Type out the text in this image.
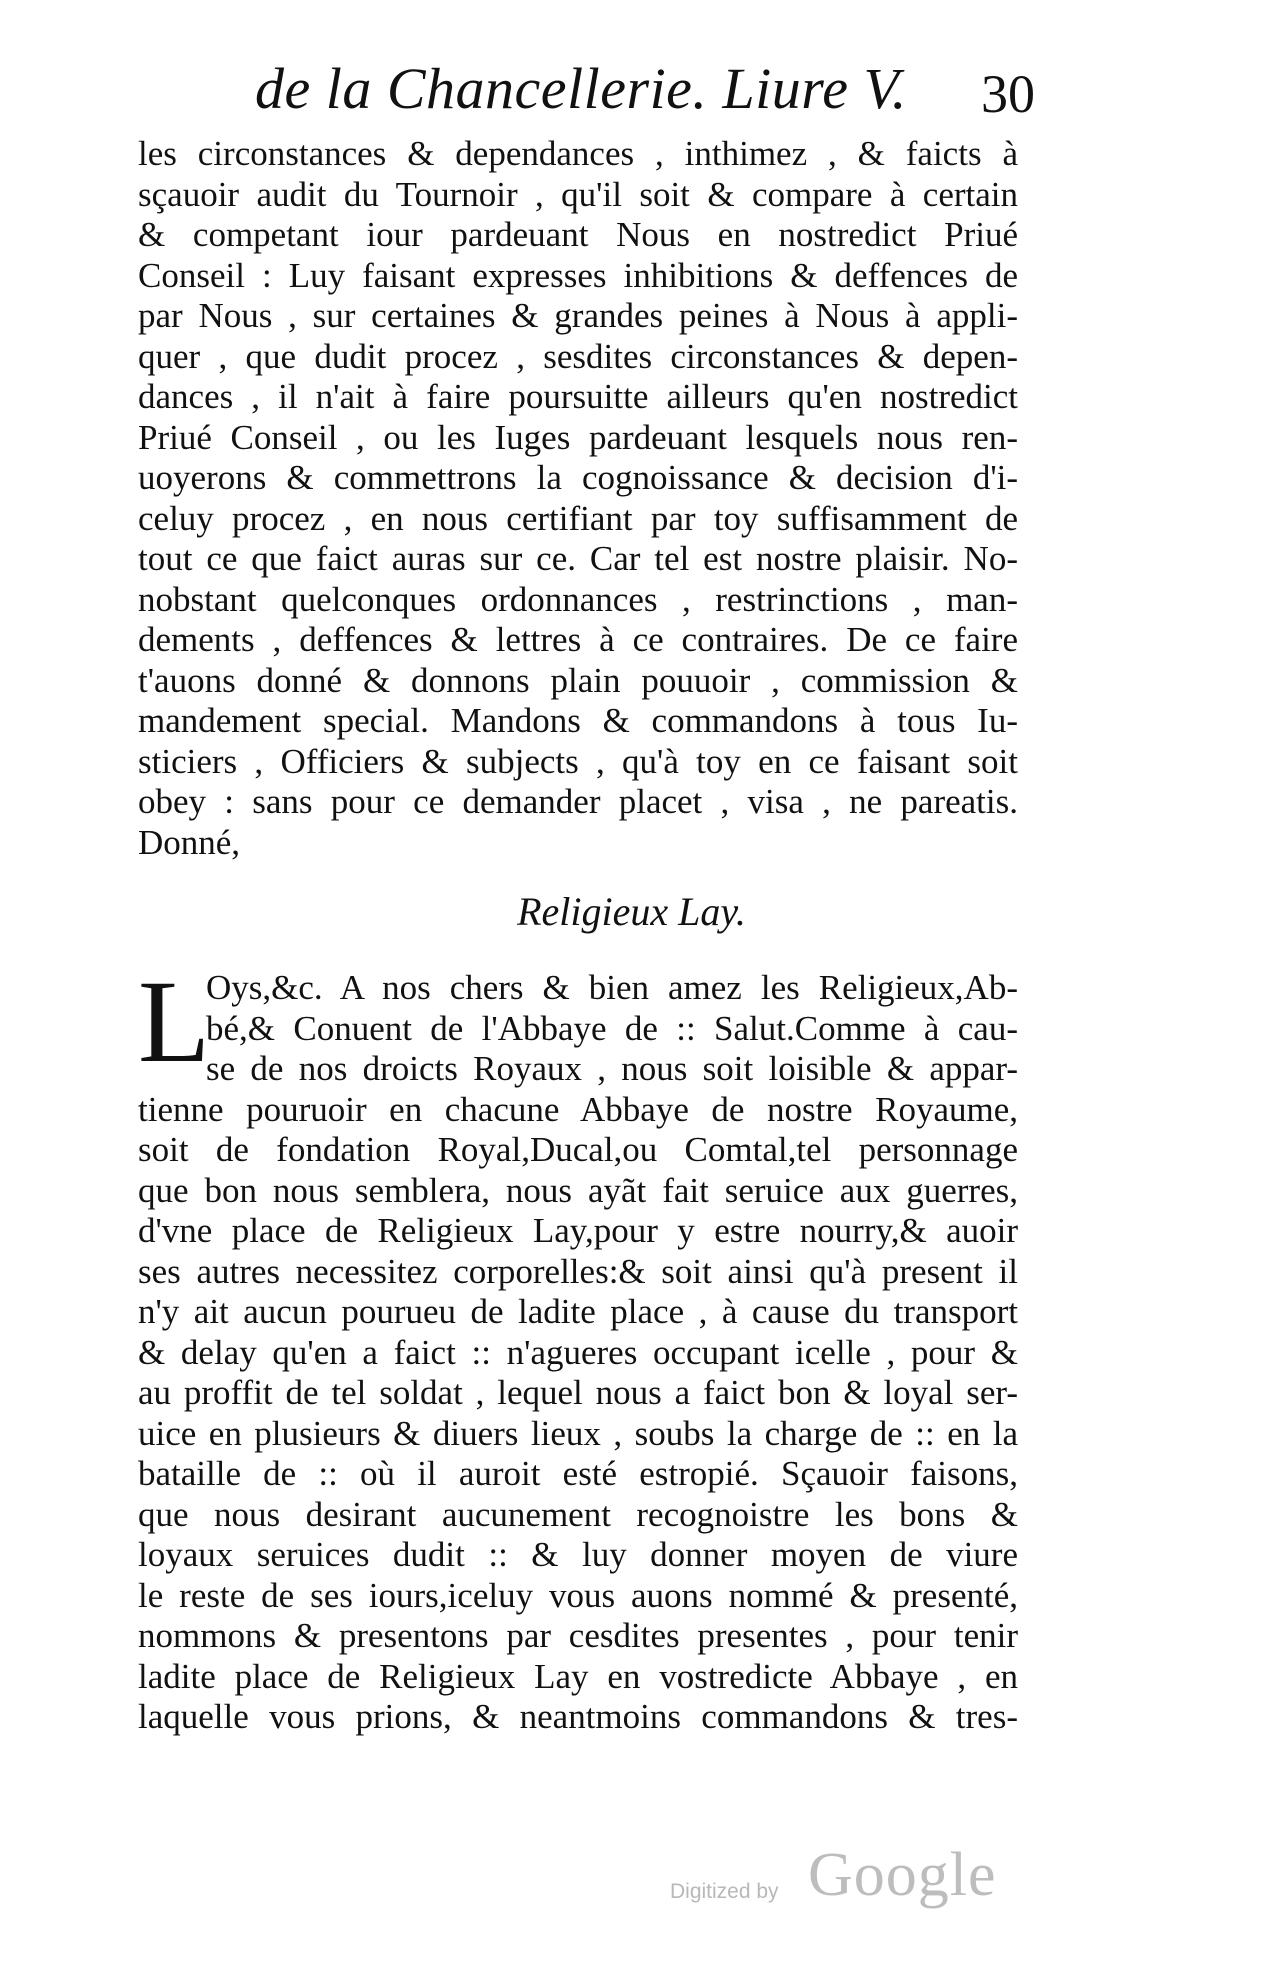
de la Chancellerie. Liure V. 30
les circonstances & dependances , inthimez , & faicts à
sçauoir audit du Tournoir , qu'il soit & compare à certain
& competant iour pardeuant Nous en nostredict Priué
Conseil : Luy faisant expresses inhibitions & deffences de
par Nous , sur certaines & grandes peines à Nous à appli-
quer , que dudit procez , sesdites circonstances & depen-
dances , il n'ait à faire poursuitte ailleurs qu'en nostredict
Priué Conseil , ou les Iuges pardeuant lesquels nous ren-
uoyerons & commettrons la cognoissance & decision d'i-
celuy procez , en nous certifiant par toy suffisamment de
tout ce que faict auras sur ce. Car tel est nostre plaisir. No-
nobstant quelconques ordonnances , restrinctions , man-
dements , deffences & lettres à ce contraires. De ce faire
t'auons donné & donnons plain pouuoir , commission &
mandement special. Mandons & commandons à tous Iu-
sticiers , Officiers & subjects , qu'à toy en ce faisant soit
obey : sans pour ce demander placet , visa , ne pareatis.
Donné,
Religieux Lay.
L
Oys,&c. A nos chers & bien amez les Religieux,Ab-
bé,& Conuent de l'Abbaye de :: Salut.Comme à cau-
se de nos droicts Royaux , nous soit loisible & appar-
tienne pouruoir en chacune Abbaye de nostre Royaume,
soit de fondation Royal,Ducal,ou Comtal,tel personnage
que bon nous semblera, nous ayãt fait seruice aux guerres,
d'vne place de Religieux Lay,pour y estre nourry,& auoir
ses autres necessitez corporelles:& soit ainsi qu'à present il
n'y ait aucun pourueu de ladite place , à cause du transport
& delay qu'en a faict :: n'agueres occupant icelle , pour &
au proffit de tel soldat , lequel nous a faict bon & loyal ser-
uice en plusieurs & diuers lieux , soubs la charge de :: en la
bataille de :: où il auroit esté estropié. Sçauoir faisons,
que nous desirant aucunement recognoistre les bons &
loyaux seruices dudit :: & luy donner moyen de viure
le reste de ses iours,iceluy vous auons nommé & presenté,
nommons & presentons par cesdites presentes , pour tenir
ladite place de Religieux Lay en vostredicte Abbaye , en
laquelle vous prions, & neantmoins commandons & tres-
Digitized by Google
